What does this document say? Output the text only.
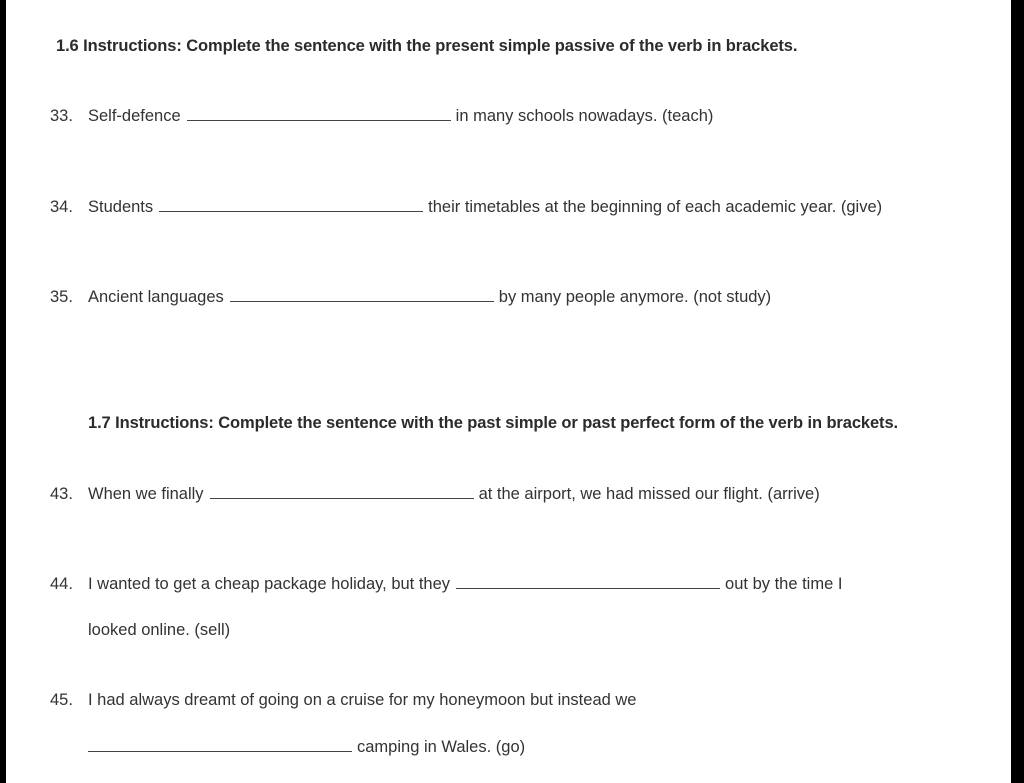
1.6 Instructions: Complete the sentence with the present simple passive of the verb in brackets.
33. Self-defence	in many schools nowadays. (teach)
34. Students	their timetables at the beginning of each academic year. (give)
35. Ancient languages	by many people anymore. (not study)
1.7 Instructions: Complete the sentence with the past simple or past perfect form of the verb in brackets.
43. When we finally	at the airport, we had missed our flight. (arrive)
44. I wanted to get a cheap package holiday, but they	out by the time I
looked online. (sell)
45. I had always dreamt of going on a cruise for my honeymoon but instead we
camping in Wales. (go)
